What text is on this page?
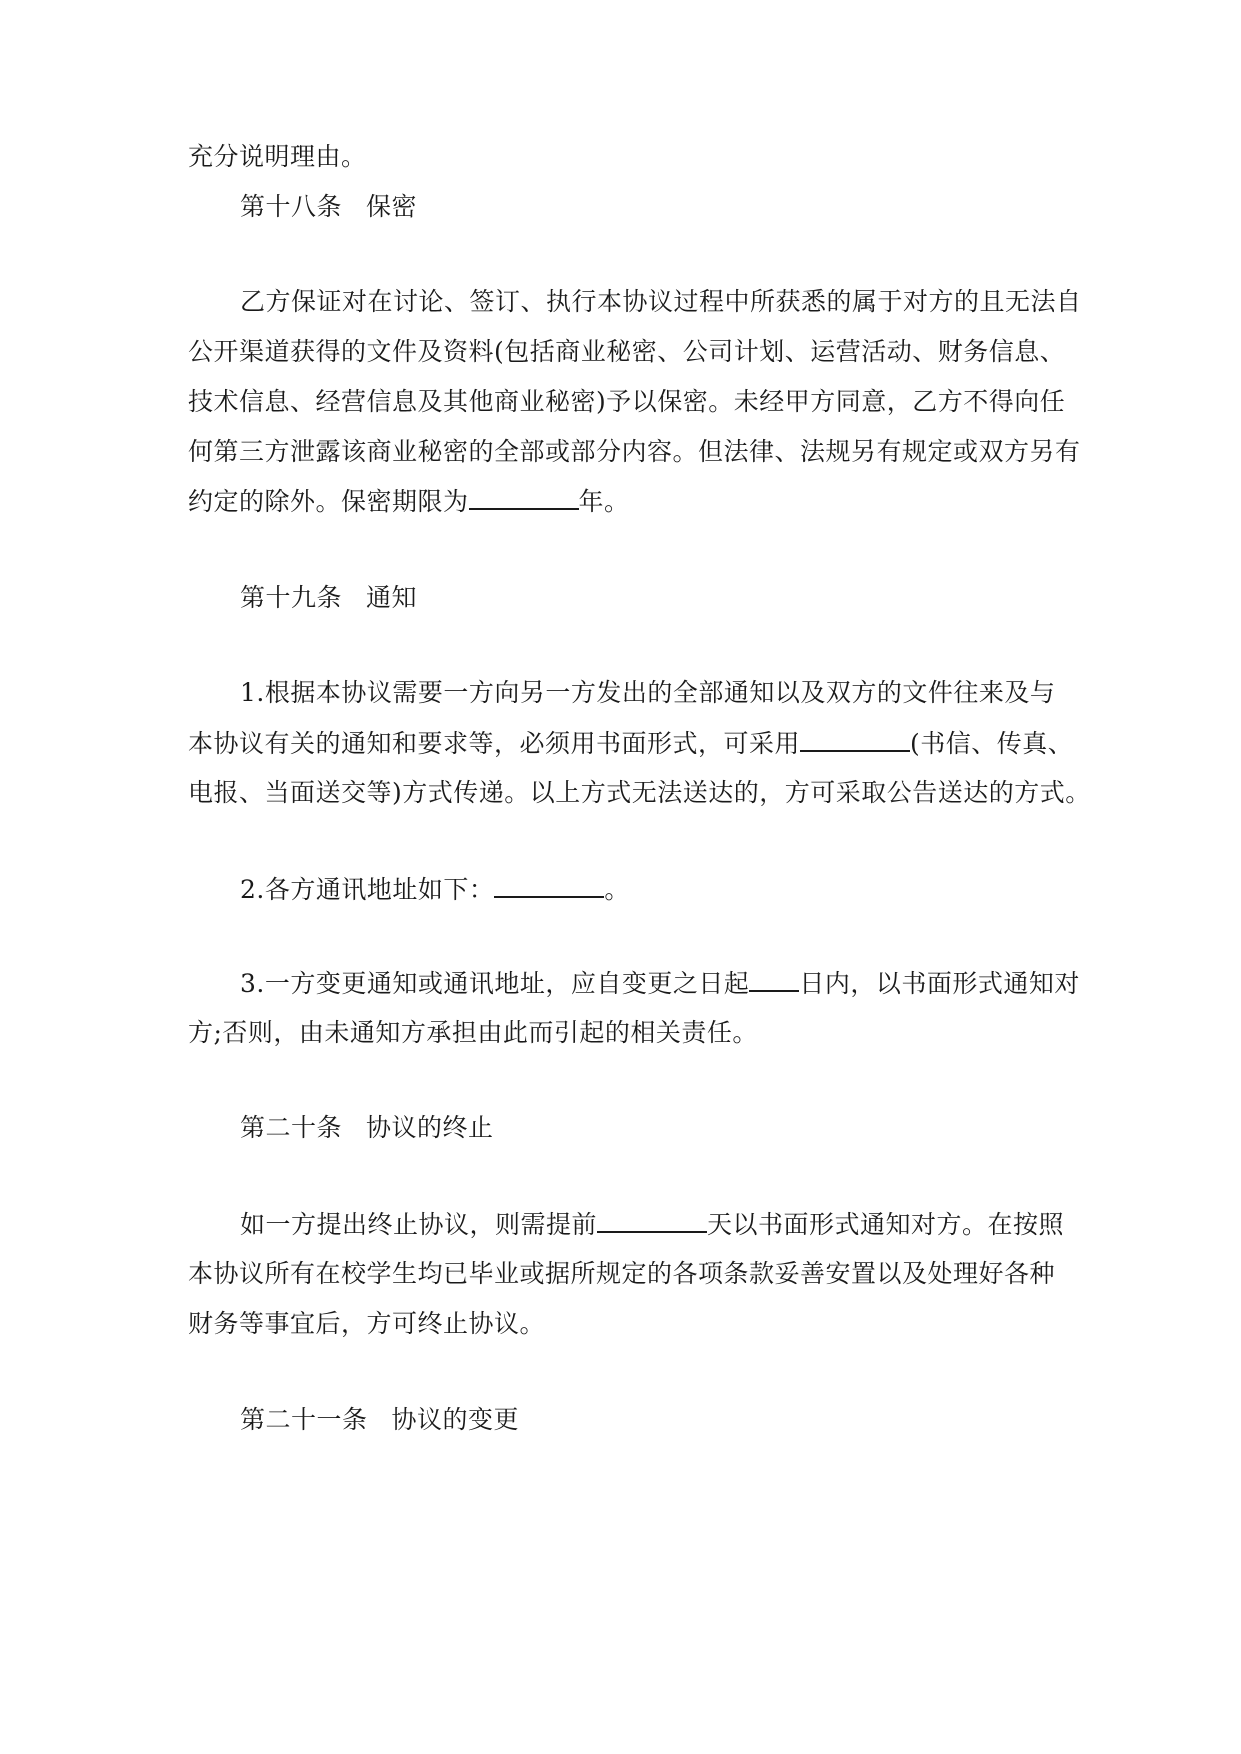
充分说明理由。
第十八条 保密
乙方保证对在讨论、签订、执行本协议过程中所获悉的属于对方的且无法自
公开渠道获得的文件及资料(包括商业秘密、公司计划、运营活动、财务信息、
技术信息、经营信息及其他商业秘密)予以保密。未经甲方同意，乙方不得向任
何第三方泄露该商业秘密的全部或部分内容。但法律、法规另有规定或双方另有
约定的除外。保密期限为	年。
第十九条 通知
1.根据本协议需要一方向另一方发出的全部通知以及双方的文件往来及与
本协议有关的通知和要求等，必须用书面形式，可采用	(书信、传真、
电报、当面送交等)方式传递。以上方式无法送达的，方可采取公告送达的方式。
2.各方通讯地址如下：	。
3.一方变更通知或通讯地址，应自变更之日起 日内，以书面形式通知对
方;否则，由未通知方承担由此而引起的相关责任。
第二十条 协议的终止
如一方提出终止协议，则需提前	天以书面形式通知对方。在按照
本协议所有在校学生均已毕业或据所规定的各项条款妥善安置以及处理好各种
财务等事宜后，方可终止协议。
第二十一条 协议的变更
